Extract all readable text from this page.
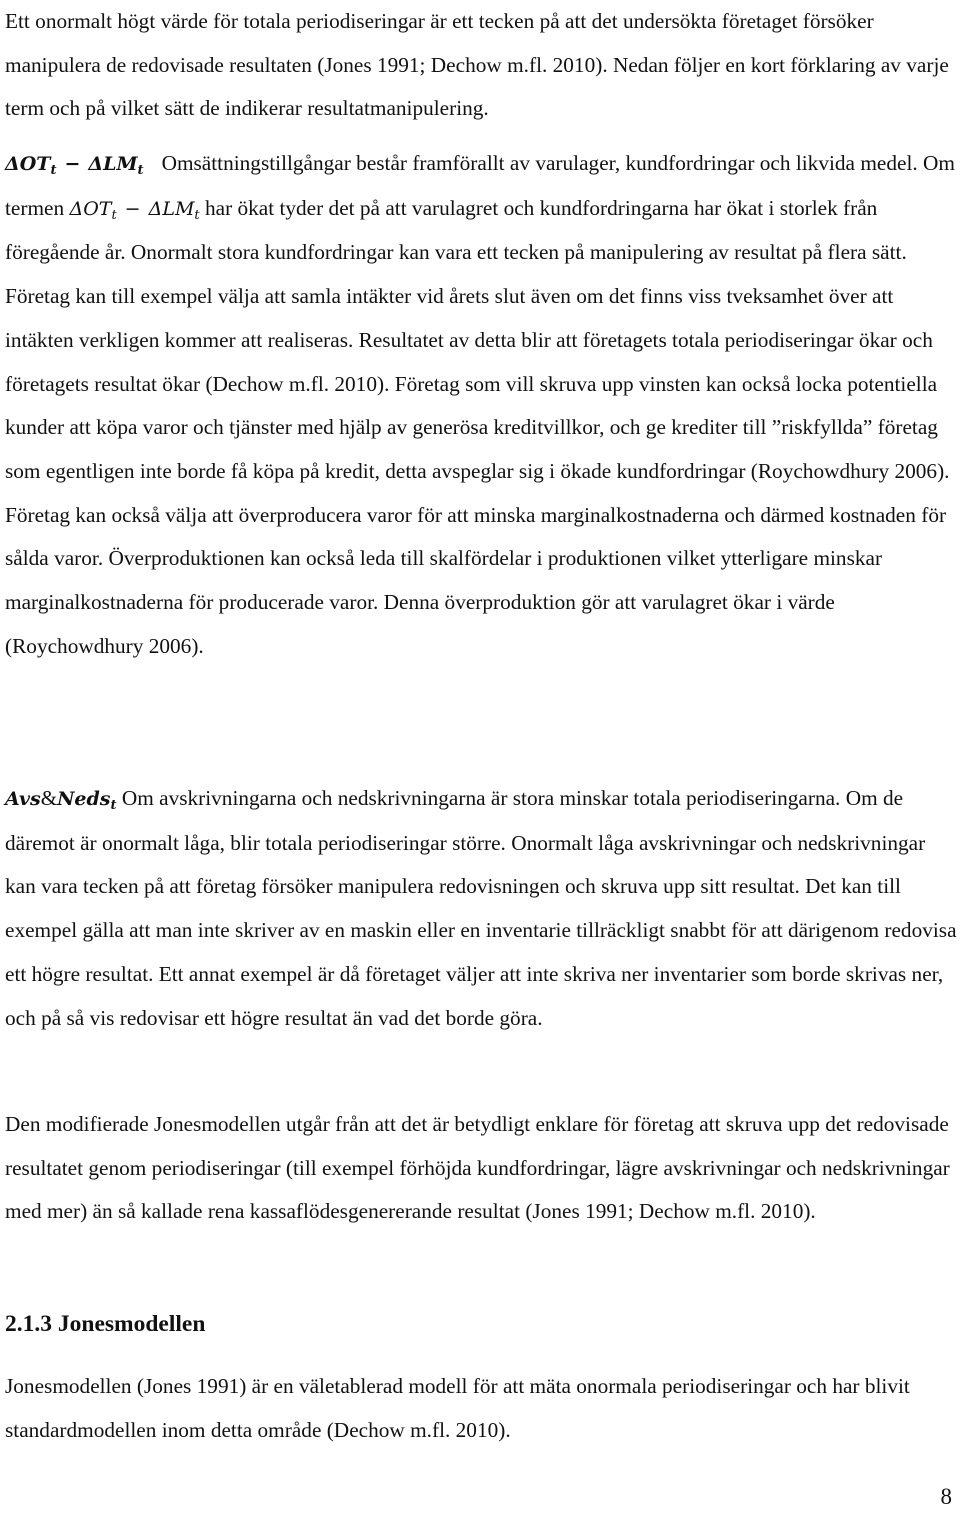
Ett onormalt högt värde för totala periodiseringar är ett tecken på att det undersökta företaget försöker manipulera de redovisade resultaten (Jones 1991; Dechow m.fl. 2010). Nedan följer en kort förklaring av varje term och på vilket sätt de indikerar resultatmanipulering.

$\Delta OT_t - \Delta LM_t$ Omsättningstillgångar består framförallt av varulager, kundfordringar och likvida medel. Om termen $\Delta OT_t - \Delta LM_t$ har ökat tyder det på att varulagret och kundfordringarna har ökat i storlek från föregående år. Onormalt stora kundfordringar kan vara ett tecken på manipulering av resultat på flera sätt. Företag kan till exempel välja att samla intäkter vid årets slut även om det finns viss tveksamhet över att intäkten verkligen kommer att realiseras. Resultatet av detta blir att företagets totala periodiseringar ökar och företagets resultat ökar (Dechow m.fl. 2010). Företag som vill skruva upp vinsten kan också locka potentiella kunder att köpa varor och tjänster med hjälp av generösa kreditvillkor, och ge krediter till ”riskfyllda” företag som egentligen inte borde få köpa på kredit, detta avspeglar sig i ökade kundfordringar (Roychowdhury 2006). Företag kan också välja att överproducera varor för att minska marginalkostnaderna och därmed kostnaden för sålda varor. Överproduktionen kan också leda till skalfördelar i produktionen vilket ytterligare minskar marginalkostnaderna för producerade varor. Denna överproduktion gör att varulagret ökar i värde (Roychowdhury 2006).

Avs&Neds$_t$ Om avskrivningarna och nedskrivningarna är stora minskar totala periodiseringarna. Om de däremot är onormalt låga, blir totala periodiseringar större. Onormalt låga avskrivningar och nedskrivningar kan vara tecken på att företag försöker manipulera redovisningen och skruva upp sitt resultat. Det kan till exempel gälla att man inte skriver av en maskin eller en inventarie tillräckligt snabbt för att därigenom redovisa ett högre resultat. Ett annat exempel är då företaget väljer att inte skriva ner inventarier som borde skrivas ner, och på så vis redovisar ett högre resultat än vad det borde göra.

Den modifierade Jonesmodellen utgår från att det är betydligt enklare för företag att skruva upp det redovisade resultatet genom periodiseringar (till exempel förhöjda kundfordringar, lägre avskrivningar och nedskrivningar med mer) än så kallade rena kassaflödesgenererande resultat (Jones 1991; Dechow m.fl. 2010).

2.1.3 Jonesmodellen

Jonesmodellen (Jones 1991) är en väletablerad modell för att mäta onormala periodiseringar och har blivit standardmodellen inom detta område (Dechow m.fl. 2010).

8
